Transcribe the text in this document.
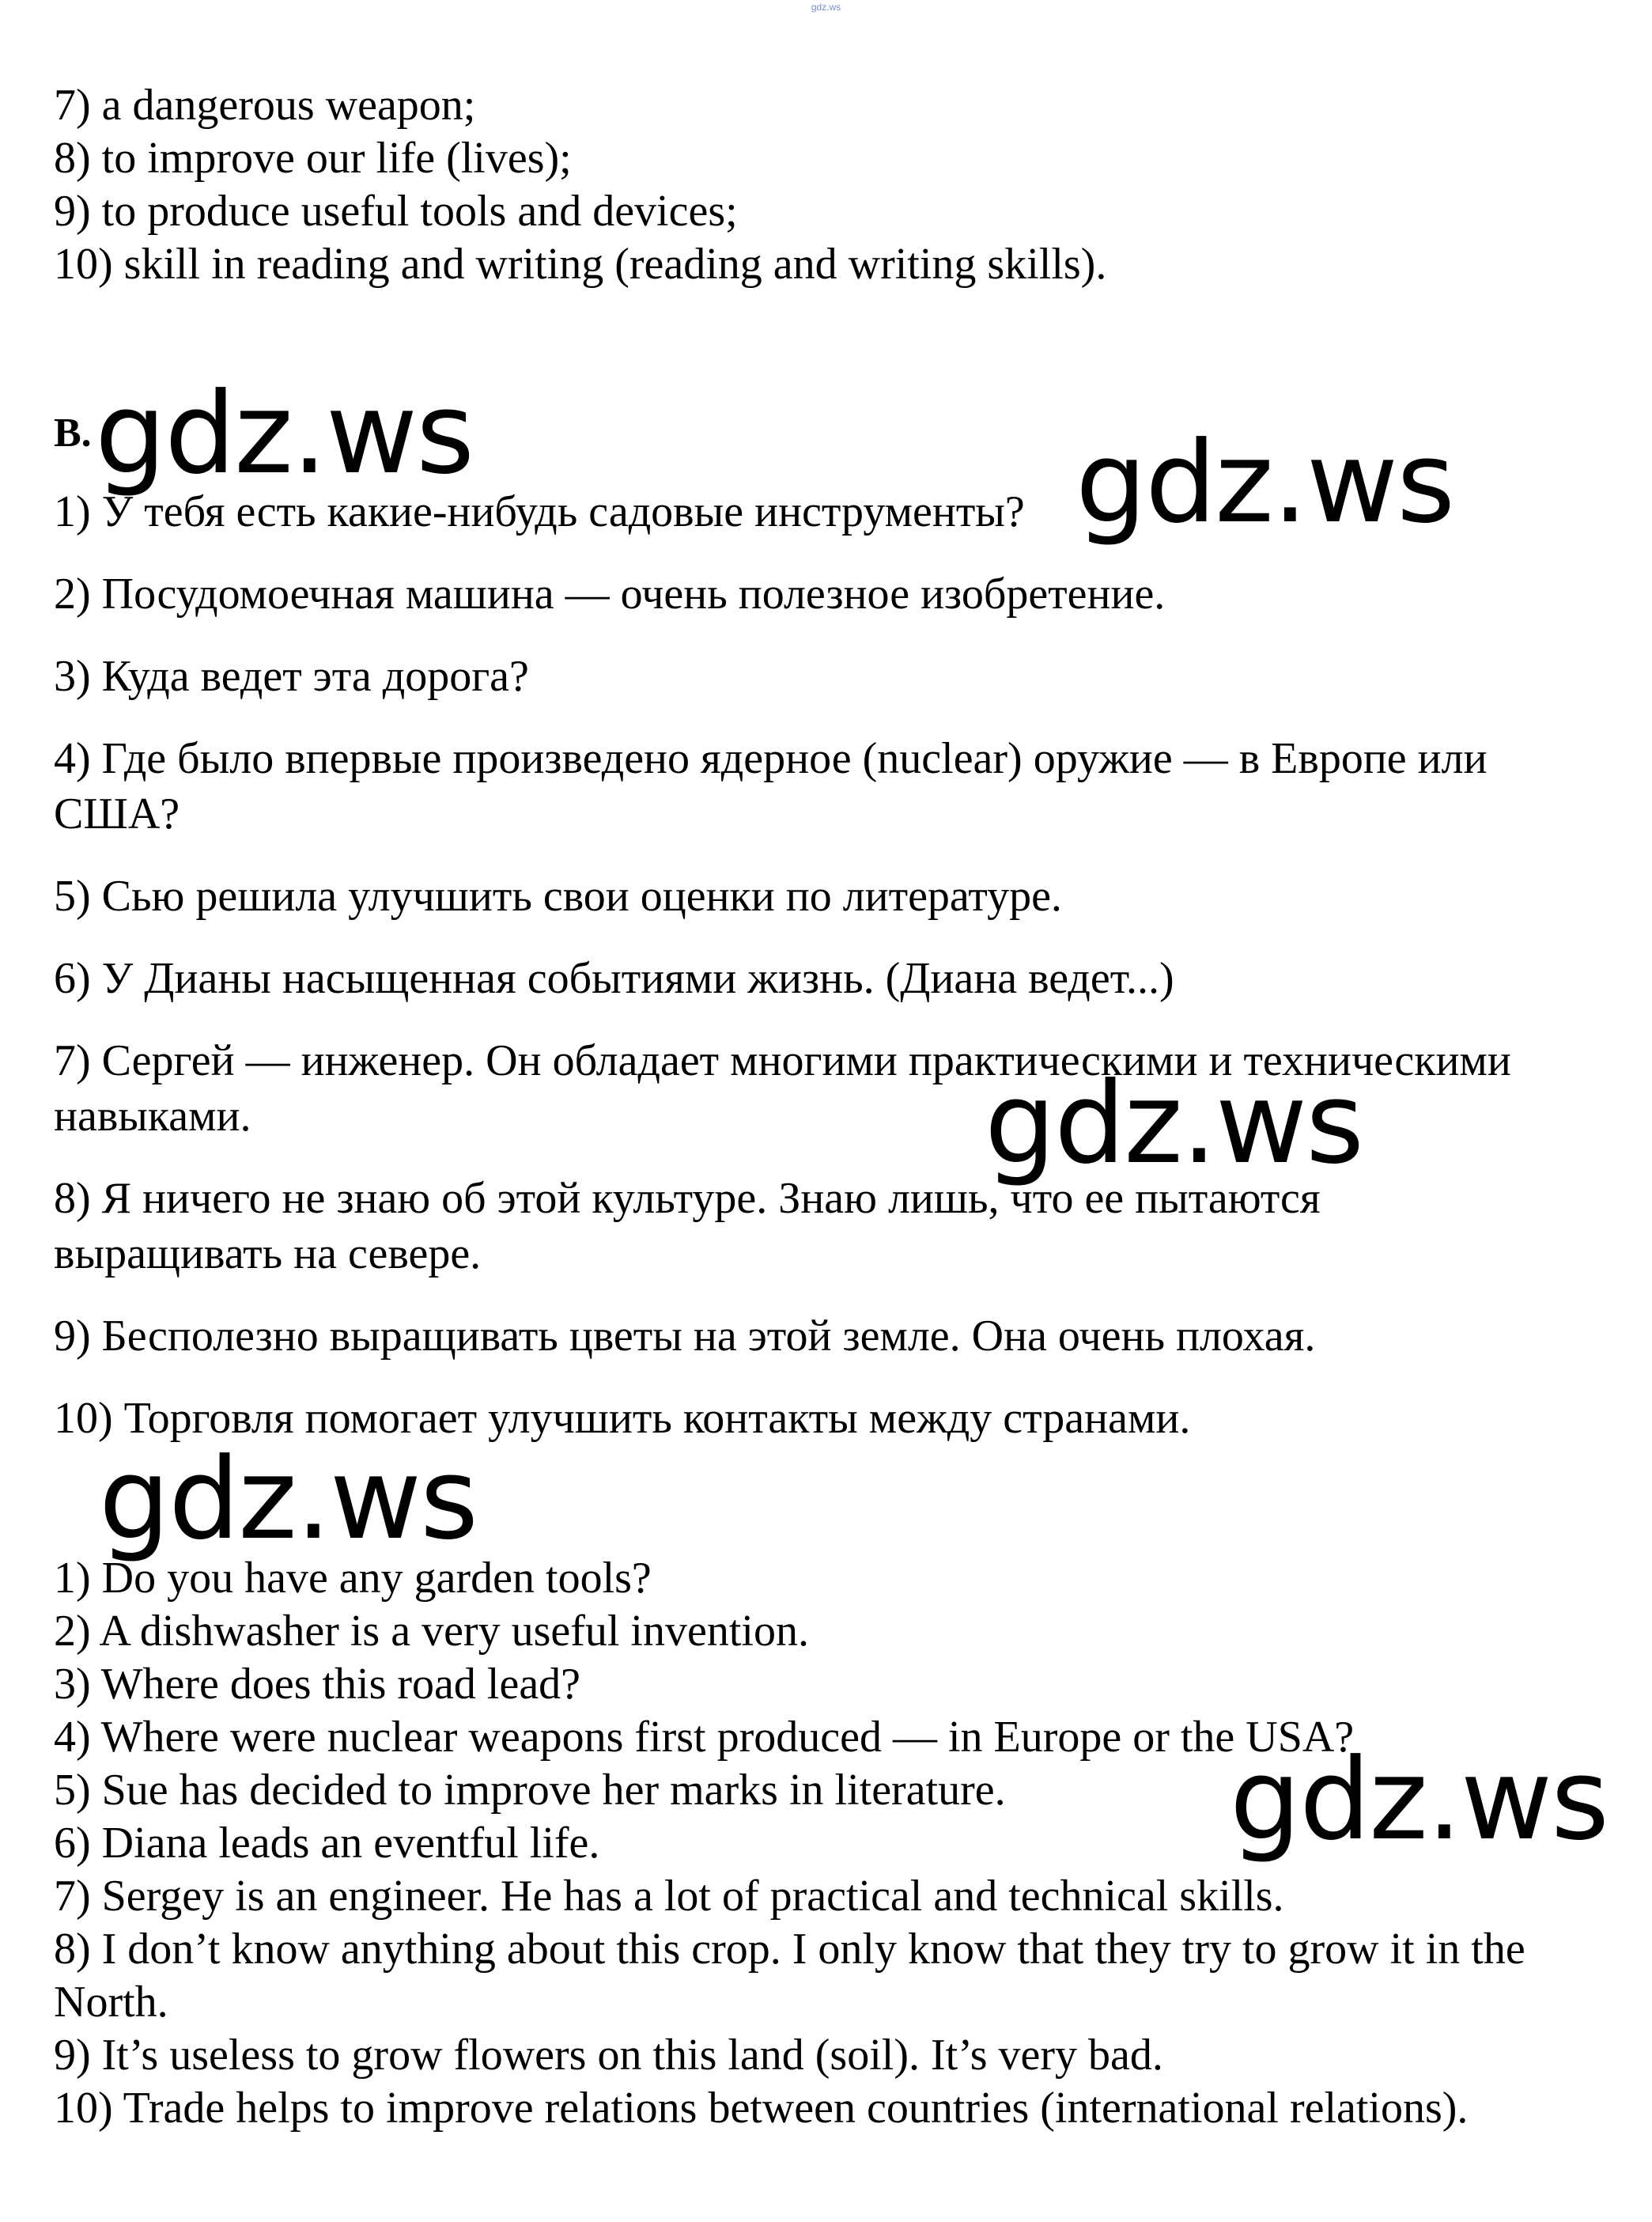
gdz.ws
7) a dangerous weapon;
8) to improve our life (lives);
9) to produce useful tools and devices;
10) skill in reading and writing (reading and writing skills).
B.
1) У тебя есть какие-нибудь садовые инструменты?
2) Посудомоечная машина — очень полезное изобретение.
3) Куда ведет эта дорога?
4) Где было впервые произведено ядерное (nuclear) оружие — в Европе или США?
5) Сью решила улучшить свои оценки по литературе.
6) У Дианы насыщенная событиями жизнь. (Диана ведет...)
7) Сергей — инженер. Он обладает многими практическими и техническими навыками.
8) Я ничего не знаю об этой культуре. Знаю лишь, что ее пытаются выращивать на севере.
9) Бесполезно выращивать цветы на этой земле. Она очень плохая.
10) Торговля помогает улучшить контакты между странами.
1) Do you have any garden tools?
2) A dishwasher is a very useful invention.
3) Where does this road lead?
4) Where were nuclear weapons first produced — in Europe or the USA?
5) Sue has decided to improve her marks in literature.
6) Diana leads an eventful life.
7) Sergey is an engineer. He has a lot of practical and technical skills.
8) I don’t know anything about this crop. I only know that they try to grow it in the North.
9) It’s useless to grow flowers on this land (soil). It’s very bad.
10) Trade helps to improve relations between countries (international relations).
gdz.ws	gdz.ws
gdz.ws
gdz.ws
gdz.ws
